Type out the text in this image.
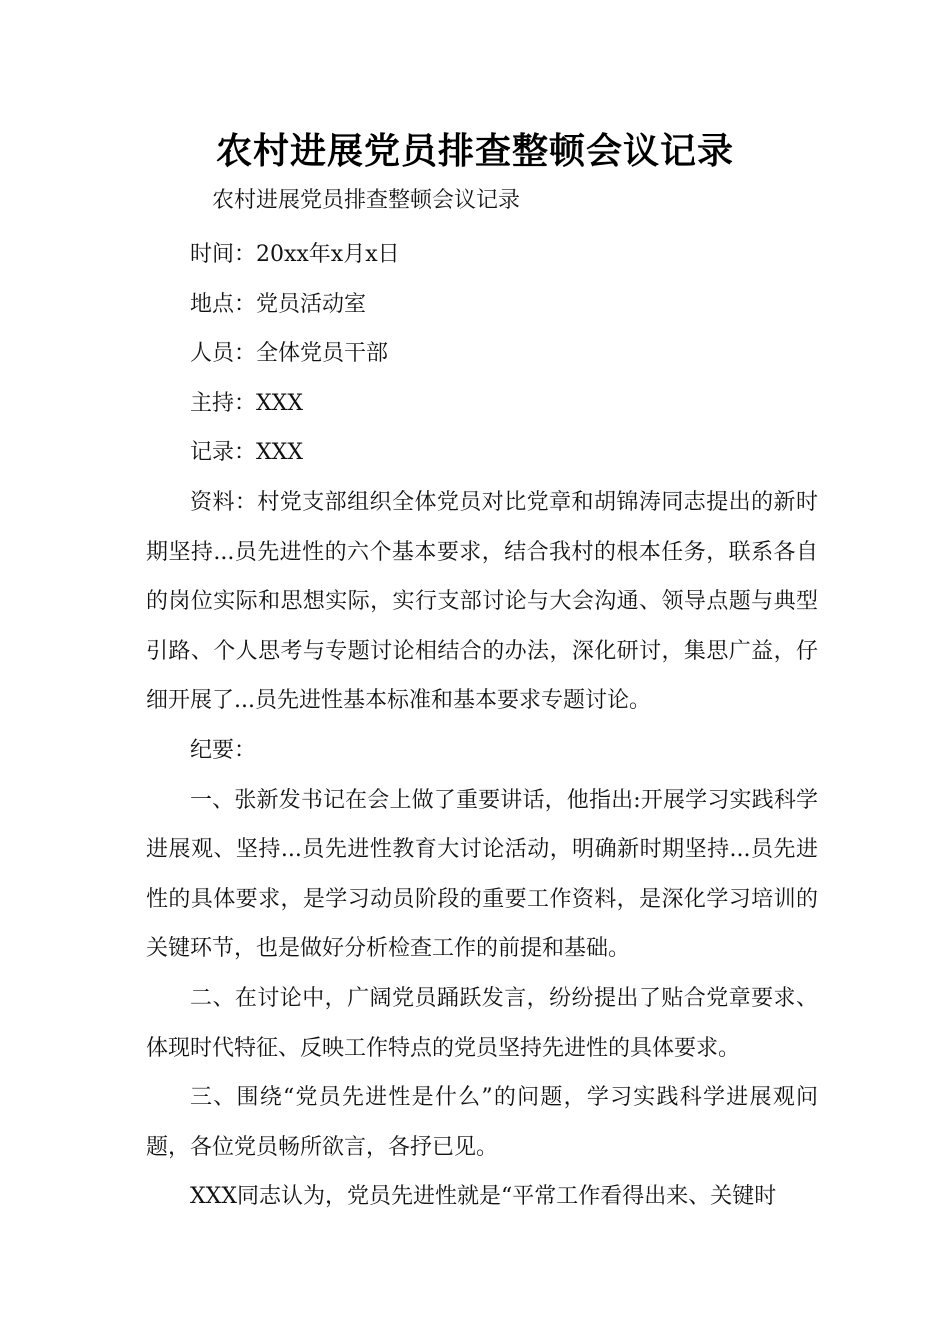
农村进展党员排查整顿会议记录

农村进展党员排查整顿会议记录

时间：20xx年x月x日

地点：党员活动室

人员：全体党员干部

主持：XXX

记录：XXX

资料：村党支部组织全体党员对比党章和胡锦涛同志提出的新时期坚持...员先进性的六个基本要求，结合我村的根本任务，联系各自的岗位实际和思想实际，实行支部讨论与大会沟通、领导点题与典型引路、个人思考与专题讨论相结合的办法，深化研讨，集思广益，仔细开展了...员先进性基本标准和基本要求专题讨论。

纪要：

一、张新发书记在会上做了重要讲话，他指出:开展学习实践科学进展观、坚持...员先进性教育大讨论活动，明确新时期坚持...员先进性的具体要求，是学习动员阶段的重要工作资料，是深化学习培训的关键环节，也是做好分析检查工作的前提和基础。

二、在讨论中，广阔党员踊跃发言，纷纷提出了贴合党章要求、体现时代特征、反映工作特点的党员坚持先进性的具体要求。

三、围绕“党员先进性是什么”的问题，学习实践科学进展观问题，各位党员畅所欲言，各抒已见。

XXX同志认为，党员先进性就是“平常工作看得出来、关键时
